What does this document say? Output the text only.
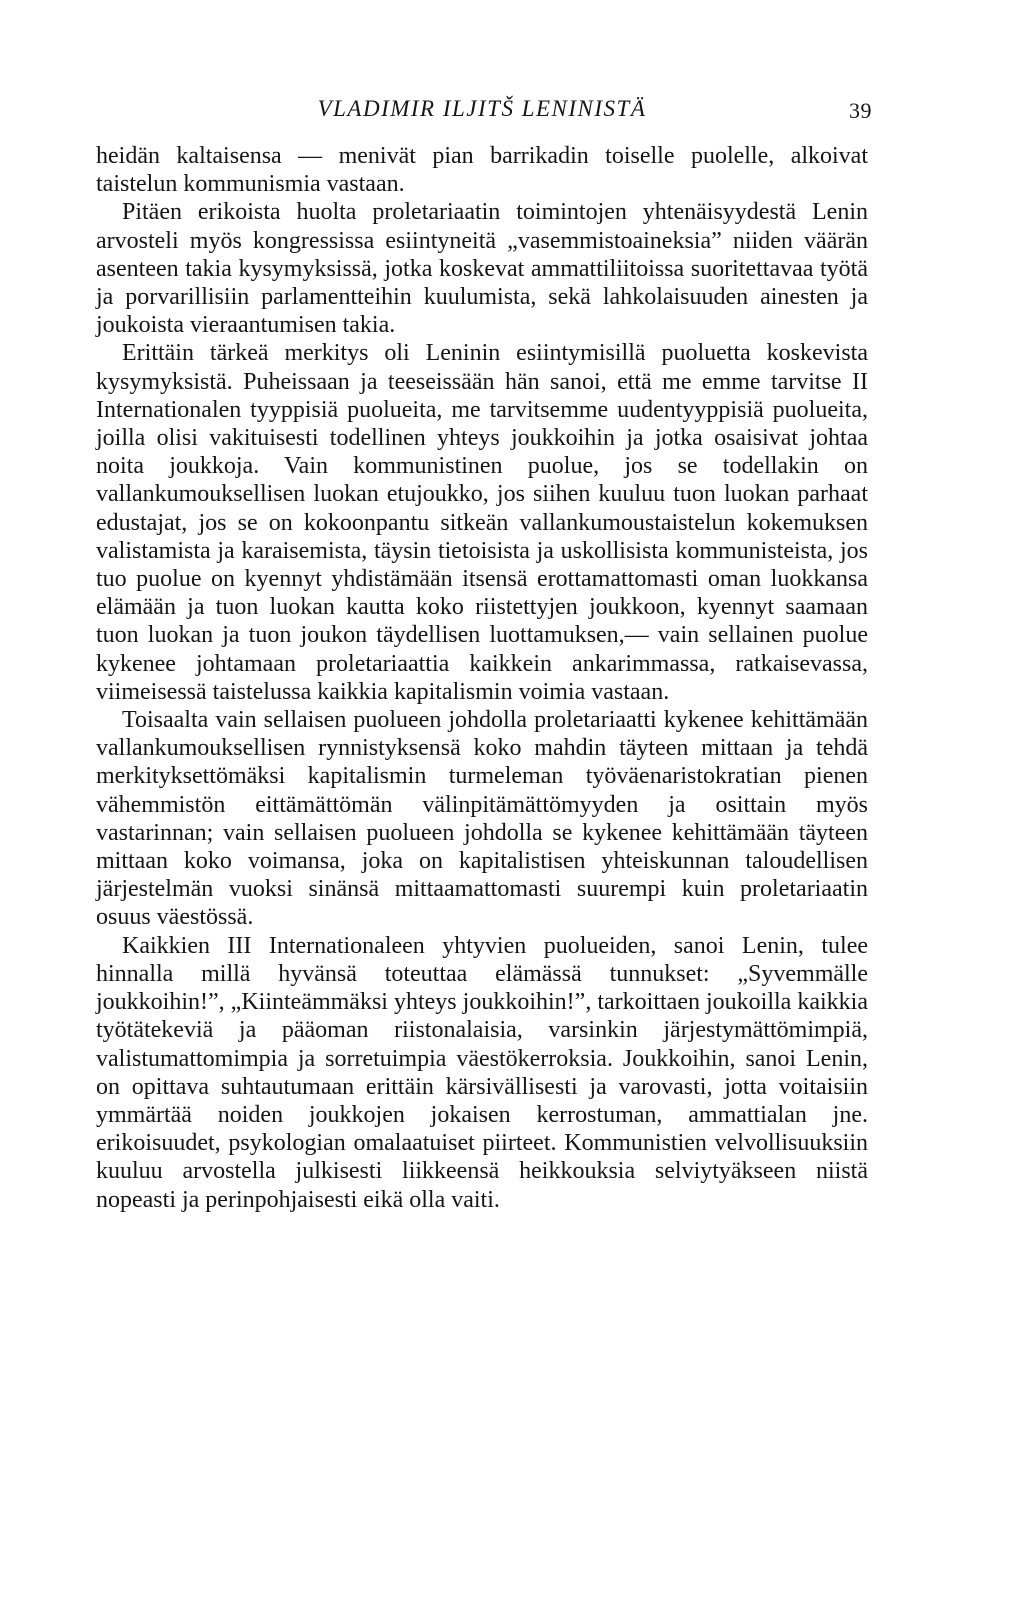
VLADIMIR ILJITŠ LENINISTÄ	39

heidän kaltaisensa — menivät pian barrikadin toiselle puolelle, alkoivat taistelun kommunismia vastaan.

Pitäen erikoista huolta proletariaatin toimintojen yhtenäisyydestä Lenin arvosteli myös kongressissa esiintyneitä „vasemmistoaineksia” niiden väärän asenteen takia kysymyksissä, jotka koskevat ammattiliitoissa suoritettavaa työtä ja porvarillisiin parlamentteihin kuulumista, sekä lahkolaisuuden ainesten ja joukoista vieraantumisen takia.

Erittäin tärkeä merkitys oli Leninin esiintymisillä puoluetta koskevista kysymyksistä. Puheissaan ja teeseissään hän sanoi, että me emme tarvitse II Internationalen tyyppisiä puolueita, me tarvitsemme uudentyyppisiä puolueita, joilla olisi vakituisesti todellinen yhteys joukkoihin ja jotka osaisivat johtaa noita joukkoja. Vain kommunistinen puolue, jos se todellakin on vallankumouksellisen luokan etujoukko, jos siihen kuuluu tuon luokan parhaat edustajat, jos se on kokoonpantu sitkeän vallankumoustaistelun kokemuksen valistamista ja karaisemista, täysin tietoisista ja uskollisista kommunisteista, jos tuo puolue on kyennyt yhdistämään itsensä erottamattomasti oman luokkansa elämään ja tuon luokan kautta koko riistettyjen joukkoon, kyennyt saamaan tuon luokan ja tuon joukon täydellisen luottamuksen,— vain sellainen puolue kykenee johtamaan proletariaattia kaikkein ankarimmassa, ratkaisevassa, viimeisessä taistelussa kaikkia kapitalismin voimia vastaan.

Toisaalta vain sellaisen puolueen johdolla proletariaatti kykenee kehittämään vallankumouksellisen rynnistyksensä koko mahdin täyteen mittaan ja tehdä merkityksettömäksi kapitalismin turmeleman työväenaristokratian pienen vähemmistön eittämättömän välinpitämättömyyden ja osittain myös vastarinnan; vain sellaisen puolueen johdolla se kykenee kehittämään täyteen mittaan koko voimansa, joka on kapitalistisen yhteiskunnan taloudellisen järjestelmän vuoksi sinänsä mittaamattomasti suurempi kuin proletariaatin osuus väestössä.

Kaikkien III Internationaleen yhtyvien puolueiden, sanoi Lenin, tulee hinnalla millä hyvänsä toteuttaa elämässä tunnukset: „Syvemmälle joukkoihin!”, „Kiinteämmäksi yhteys joukkoihin!”, tarkoittaen joukoilla kaikkia työtätekeviä ja pääoman riistonalaisia, varsinkin järjestymättömimpiä, valistumattomimpia ja sorretuimpia väestökerroksia. Joukkoihin, sanoi Lenin, on opittava suhtautumaan erittäin kärsivällisesti ja varovasti, jotta voitaisiin ymmärtää noiden joukkojen jokaisen kerrostuman, ammattialan jne. erikoisuudet, psykologian omalaatuiset piirteet. Kommunistien velvollisuuksiin kuuluu arvostella julkisesti liikkeensä heikkouksia selviytyäkseen niistä nopeasti ja perinpohjaisesti eikä olla vaiti.
